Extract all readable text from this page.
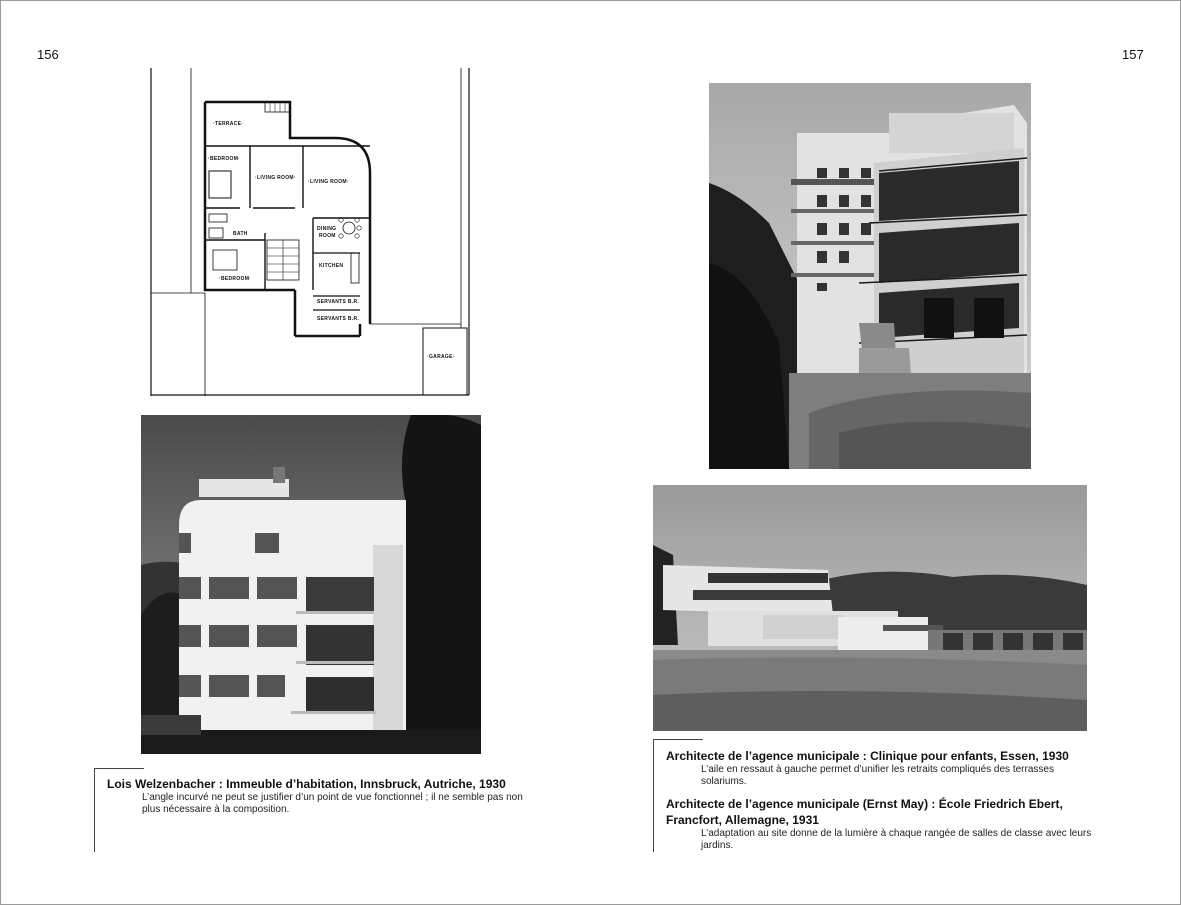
156	157
·TERRACE·
·BEDROOM·
·LIVING ROOM·
·LIVING ROOM·
DINING
ROOM
BATH
KITCHEN
·BEDROOM·
SERVANTS B.R.
SERVANTS B.R.
·GARAGE·
Lois Welzenbacher : Immeuble d’habitation, Innsbruck, Autriche, 1930
L’angle incurvé ne peut se justifier d’un point de vue fonctionnel ; il ne semble pas non plus nécessaire à la composition.
Architecte de l’agence municipale : Clinique pour enfants, Essen, 1930
L’aile en ressaut à gauche permet d’unifier les retraits compliqués des terrasses solariums.
Architecte de l’agence municipale (Ernst May) : École Friedrich Ebert, Francfort, Allemagne, 1931
L’adaptation au site donne de la lumière à chaque rangée de salles de classe avec leurs jardins.
